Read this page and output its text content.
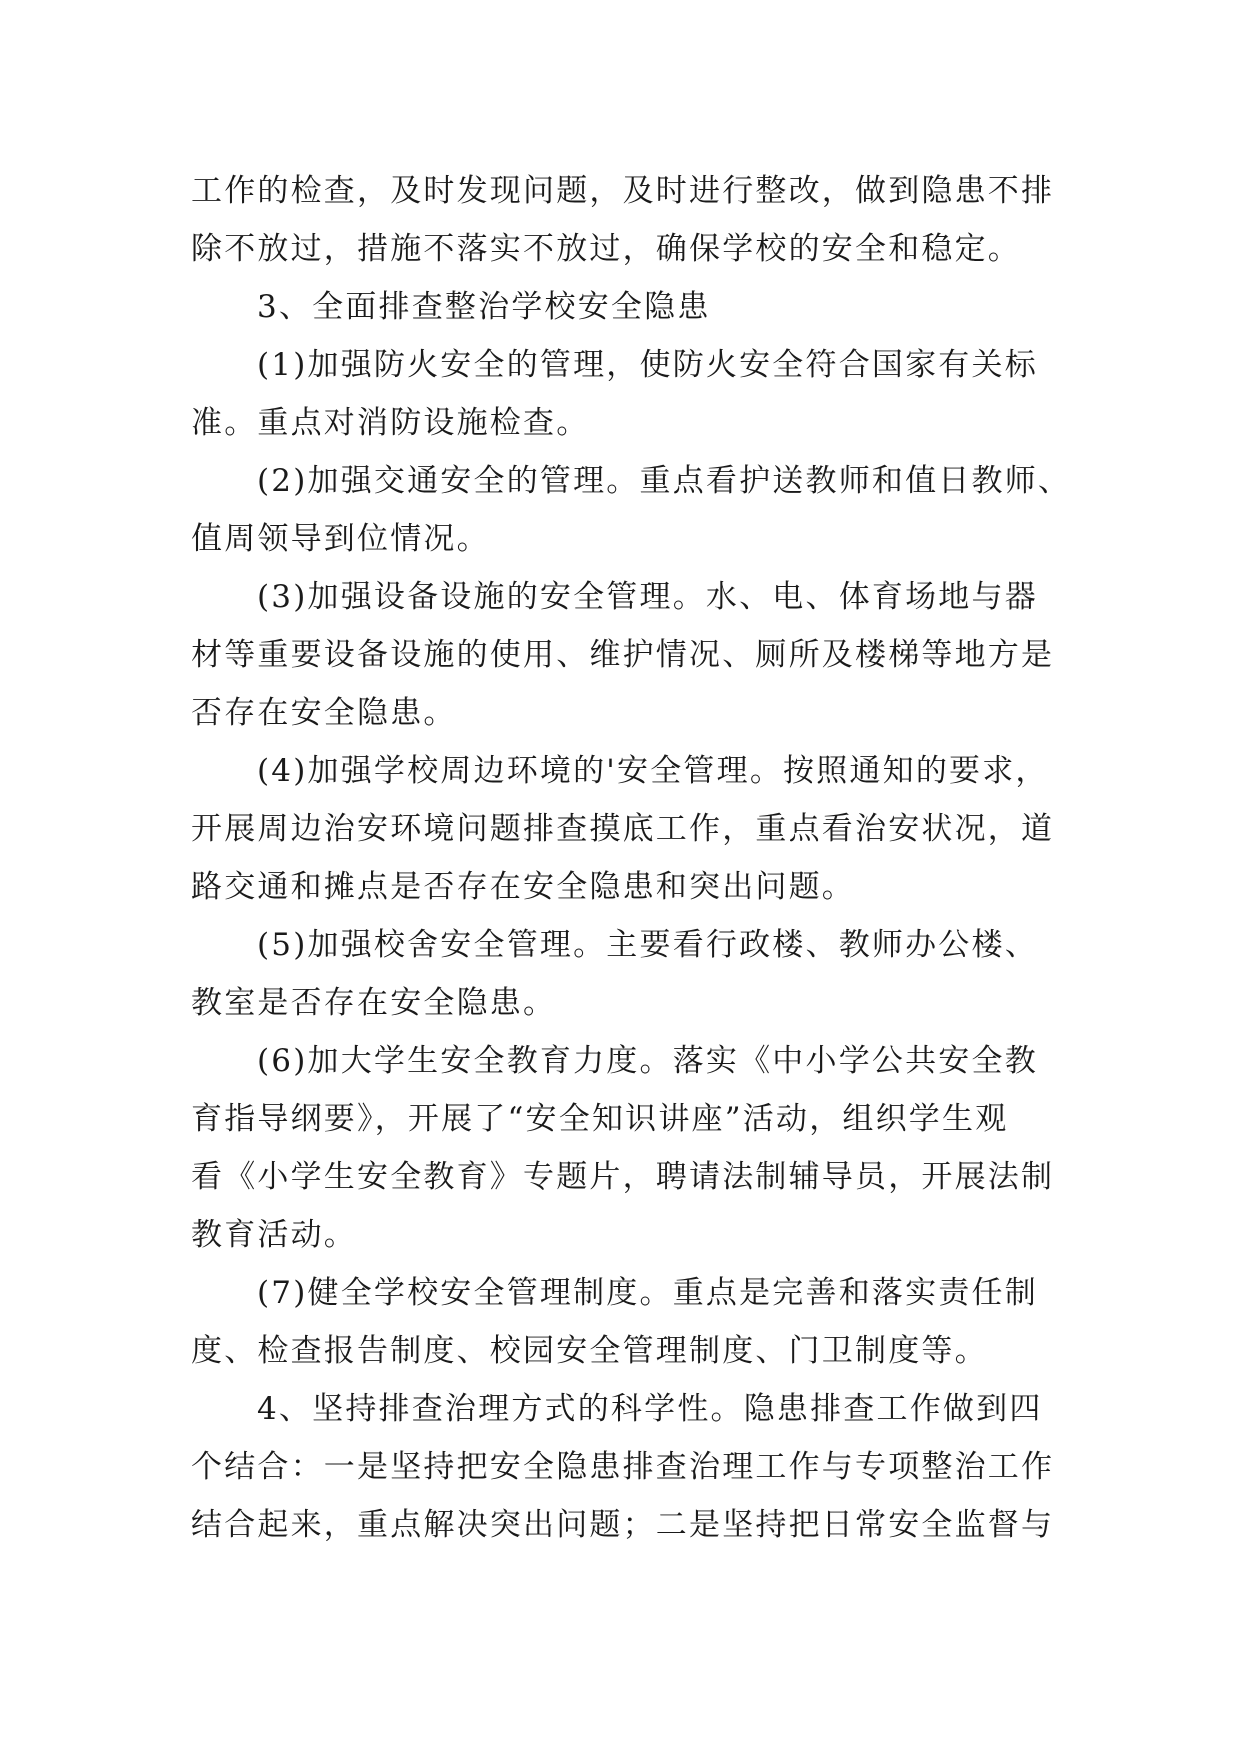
工作的检查，及时发现问题，及时进行整改，做到隐患不排
除不放过，措施不落实不放过，确保学校的安全和稳定。
3、全面排查整治学校安全隐患
(1)加强防火安全的管理，使防火安全符合国家有关标
准。重点对消防设施检查。
(2)加强交通安全的管理。重点看护送教师和值日教师、
值周领导到位情况。
(3)加强设备设施的安全管理。水、电、体育场地与器
材等重要设备设施的使用、维护情况、厕所及楼梯等地方是
否存在安全隐患。
(4)加强学校周边环境的'安全管理。按照通知的要求，
开展周边治安环境问题排查摸底工作，重点看治安状况，道
路交通和摊点是否存在安全隐患和突出问题。
(5)加强校舍安全管理。主要看行政楼、教师办公楼、
教室是否存在安全隐患。
(6)加大学生安全教育力度。落实《中小学公共安全教
育指导纲要》，开展了“安全知识讲座”活动，组织学生观
看《小学生安全教育》专题片，聘请法制辅导员，开展法制
教育活动。
(7)健全学校安全管理制度。重点是完善和落实责任制
度、检查报告制度、校园安全管理制度、门卫制度等。
4、坚持排查治理方式的科学性。隐患排查工作做到四
个结合：一是坚持把安全隐患排查治理工作与专项整治工作
结合起来，重点解决突出问题；二是坚持把日常安全监督与
